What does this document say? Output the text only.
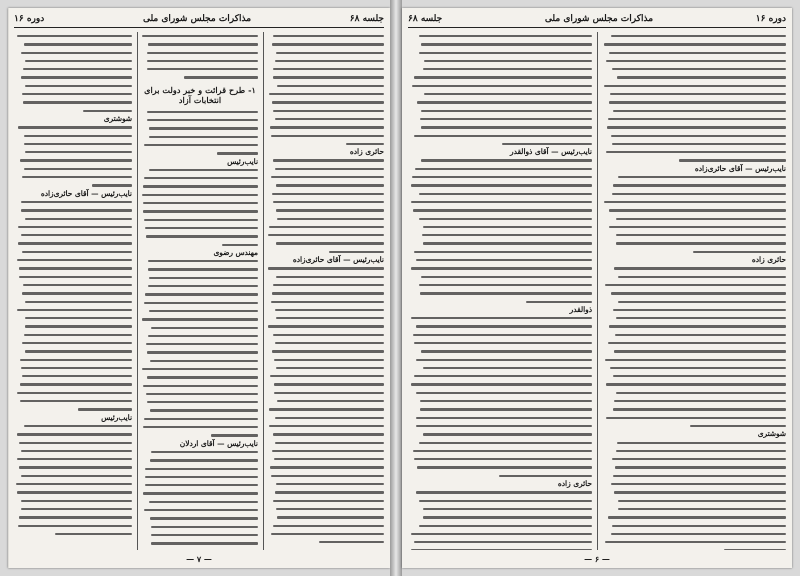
جلسه ۶۸
مذاکرات مجلس شورای ملی
دوره ۱۶
حائری زاده
نایب‌رئیس — آقای حائری‌زاده
۱- طرح قرائت و خبر دولت برای انتخابات آزاد
نایب‌رئیس
مهندس رضوی
نایب‌رئیس — آقای اردلان
شوشتری
نایب‌رئیس — آقای حائری‌زاده
نایب‌رئیس
— ۷ —
دوره ۱۶
مذاکرات مجلس شورای ملی
جلسه ۶۸
نایب‌رئیس — آقای حائری‌زاده
حائری زاده
شوشتری
نایب‌رئیس — آقای ذوالقدر
ذوالقدر
حائری زاده
— ۶ —
